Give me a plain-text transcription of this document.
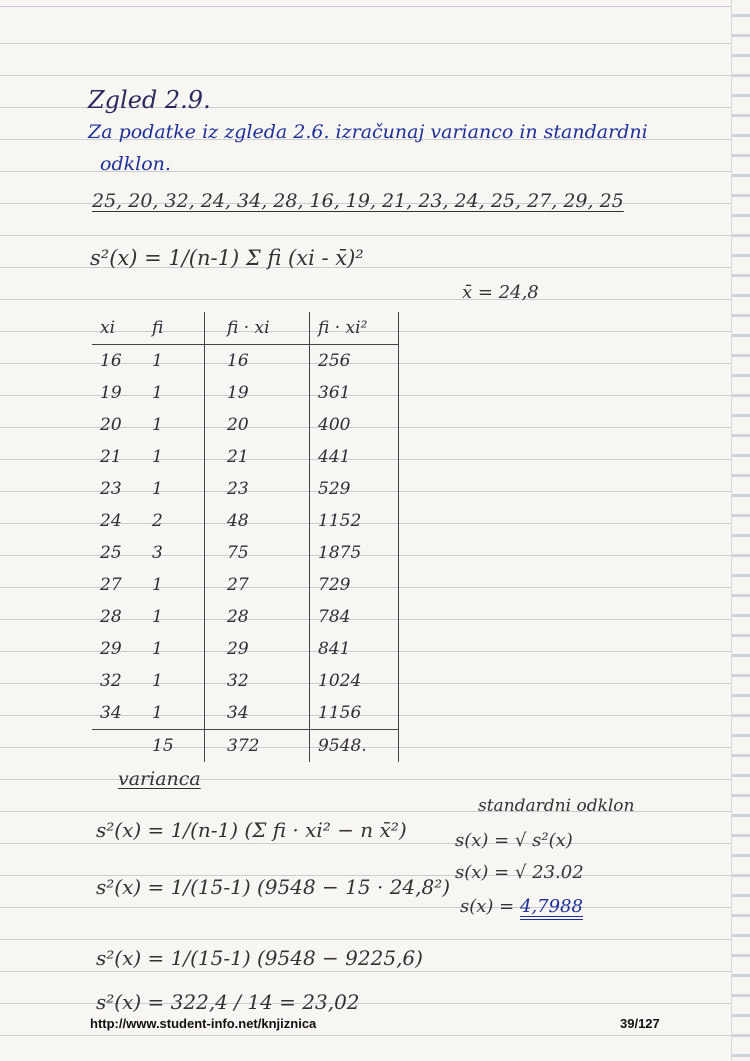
Zgled 2.9.
Za podatke iz zgleda 2.6. izračunaj varianco in standardni
odklon.
25, 20, 32, 24, 34, 28, 16, 19, 21, 23, 24, 25, 27, 29, 25
s²(x) = 1/(n-1) Σ fi (xi - x̄)²
x̄ = 24,8
xi	fi	fi · xi	fi · xi²
16	1	16	256
19	1	19	361
20	1	20	400
21	1	21	441
23	1	23	529
24	2	48	1152
25	3	75	1875
27	1	27	729
28	1	28	784
29	1	29	841
32	1	32	1024
34	1	34	1156
	15	372	9548.
varianca
s²(x) = 1/(n-1) (Σ fi · xi² − n x̄²)
s²(x) = 1/(15-1) (9548 − 15 · 24,8²)
s²(x) = 1/(15-1) (9548 − 9225,6)
s²(x) = 322,4 / 14 = 23,02
standardni odklon
s(x) = √ s²(x)
s(x) = √ 23.02
s(x) = 4,7988
http://www.student-info.net/knjiznica	39/127
